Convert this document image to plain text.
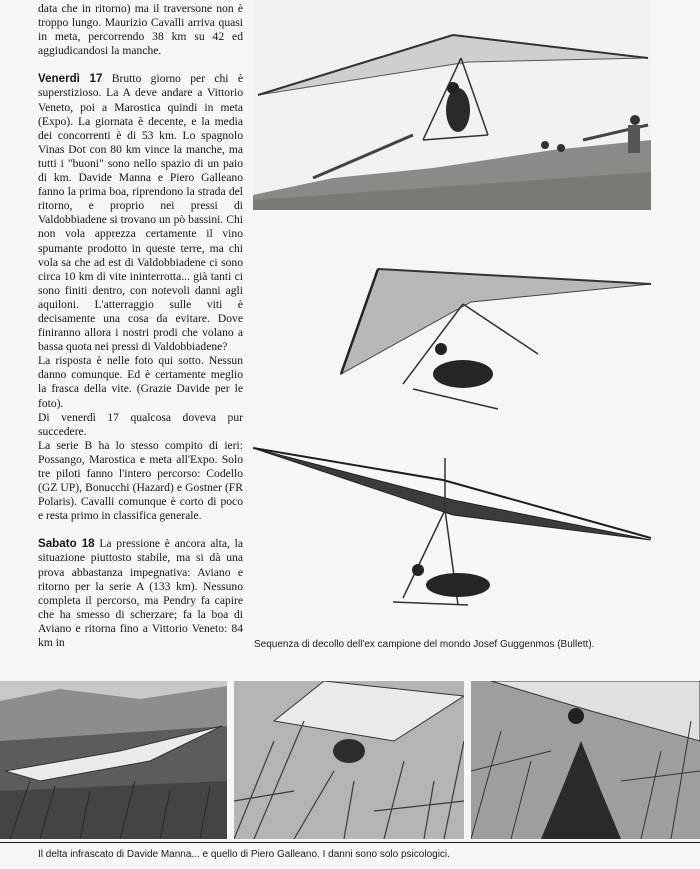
data che in ritorno) ma il traversone non è troppo lungo. Maurizio Cavalli arriva quasi in meta, percorrendo 38 km su 42 ed aggiudicandosi la manche.

Venerdì 17 Brutto giorno per chi è superstizioso. La A deve andare a Vittorio Veneto, poi a Marostica quindi in meta (Expo). La giornata è decente, e la media dei concorrenti è di 53 km. Lo spagnolo Vinas Dot con 80 km vince la manche, ma tutti i "buoni" sono nello spazio di un paio di km. Davide Manna e Piero Galleano fanno la prima boa, riprendono la strada del ritorno, e proprio nei pressi di Valdobbiadene si trovano un pò bassini. Chi non vola apprezza certamente il vino spumante prodotto in queste terre, ma chi vola sa che ad est di Valdobbiadene ci sono circa 10 km di vite ininterrotta... già tanti ci sono finiti dentro, con notevoli danni agli aquiloni. L'atterraggio sulle viti è decisamente una cosa da evitare. Dove finiranno allora i nostri prodi che volano a bassa quota nei pressi di Valdobbiadene?

La risposta è nelle foto qui sotto. Nessun danno comunque. Ed è certamente meglio la frasca della vite. (Grazie Davide per le foto).

Di venerdì 17 qualcosa doveva pur succedere.

La serie B ha lo stesso compito di ieri: Possango, Marostica e meta all'Expo. Solo tre piloti fanno l'intero percorso: Codello (GZ UP), Bonucchi (Hazard) e Gostner (FR Polaris). Cavalli comunque è corto di poco e resta primo in classifica generale.

Sabato 18 La pressione è ancora alta, la situazione piuttosto stabile, ma si dà una prova abbastanza impegnativa: Aviano e ritorno per la serie A (133 km). Nessuno completa il percorso, ma Pendry fa capire che ha smesso di scherzare; fa la boa di Aviano e ritorna fino a Vittorio Veneto: 84 km in	Sequenza di decollo dell'ex campione del mondo Josef Guggenmos (Bullett).
Il delta infrascato di Davide Manna... e quello di Piero Galleano. I danni sono solo psicologici.
